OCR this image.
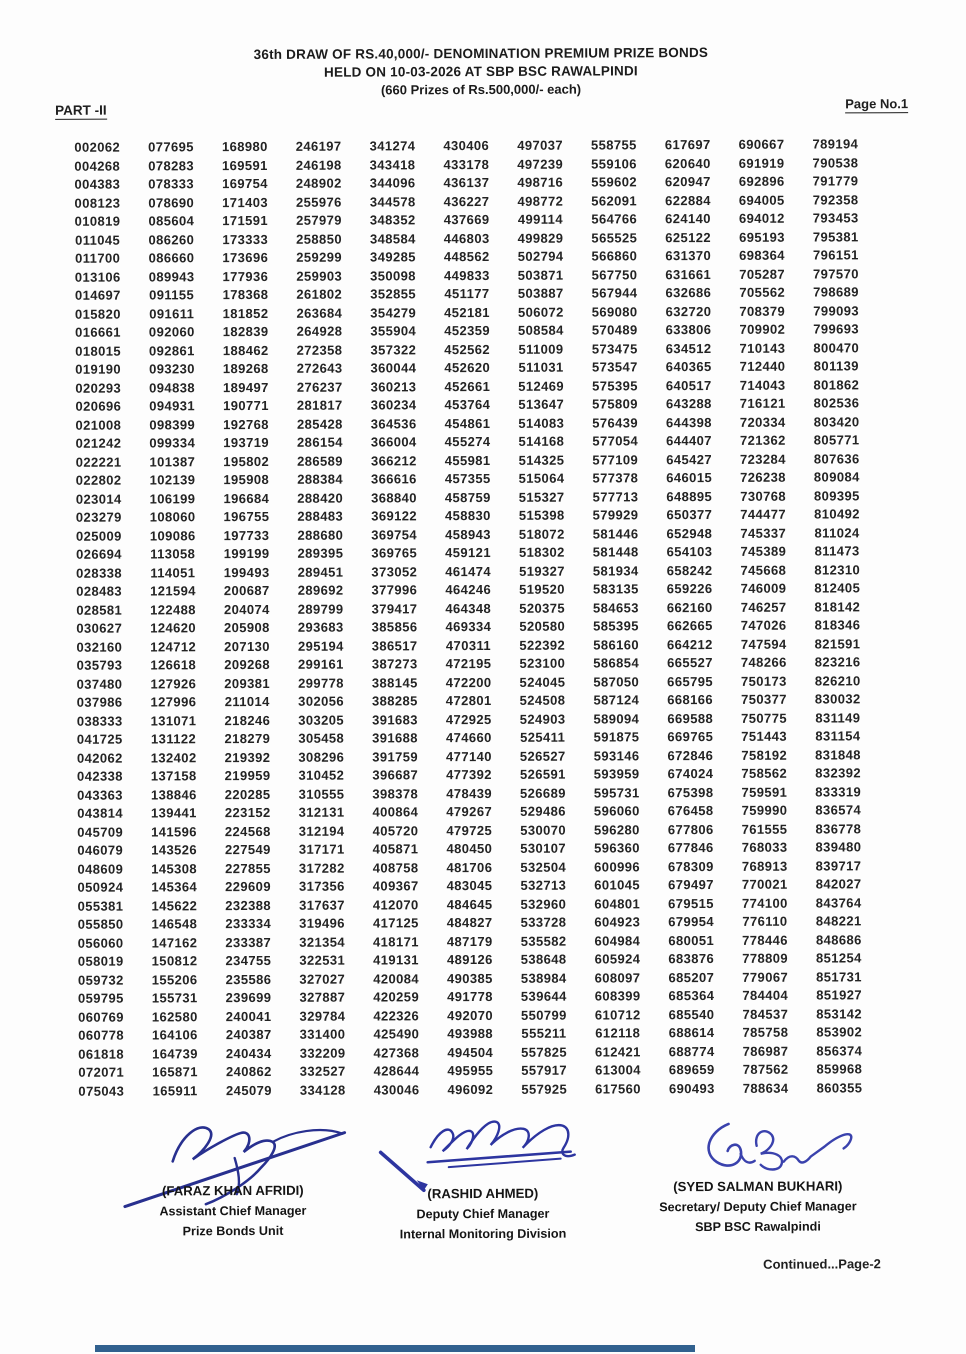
36th DRAW OF RS.40,000/- DENOMINATION PREMIUM PRIZE BONDS
HELD ON 10-03-2026 AT SBP BSC RAWALPINDI
(660 Prizes of Rs.500,000/- each)
PART -II	Page No.1
002062	077695	168980	246197	341274	430406	497037	558755	617697	690667	789194
004268	078283	169591	246198	343418	433178	497239	559106	620640	691919	790538
004383	078333	169754	248902	344096	436137	498716	559602	620947	692896	791779
008123	078690	171403	255976	344578	436227	498772	562091	622884	694005	792358
010819	085604	171591	257979	348352	437669	499114	564766	624140	694012	793453
011045	086260	173333	258850	348584	446803	499829	565525	625122	695193	795381
011700	086660	173696	259299	349285	448562	502794	566860	631370	698364	796151
013106	089943	177936	259903	350098	449833	503871	567750	631661	705287	797570
014697	091155	178368	261802	352855	451177	503887	567944	632686	705562	798689
015820	091611	181852	263684	354279	452181	506072	569080	632720	708379	799093
016661	092060	182839	264928	355904	452359	508584	570489	633806	709902	799693
018015	092861	188462	272358	357322	452562	511009	573475	634512	710143	800470
019190	093230	189268	272643	360044	452620	511031	573547	640365	712440	801139
020293	094838	189497	276237	360213	452661	512469	575395	640517	714043	801862
020696	094931	190771	281817	360234	453764	513647	575809	643288	716121	802536
021008	098399	192768	285428	364536	454861	514083	576439	644398	720334	803420
021242	099334	193719	286154	366004	455274	514168	577054	644407	721362	805771
022221	101387	195802	286589	366212	455981	514325	577109	645427	723284	807636
022802	102139	195908	288384	366616	457355	515064	577378	646015	726238	809084
023014	106199	196684	288420	368840	458759	515327	577713	648895	730768	809395
023279	108060	196755	288483	369122	458830	515398	579929	650377	744477	810492
025009	109086	197733	288680	369754	458943	518072	581446	652948	745337	811024
026694	113058	199199	289395	369765	459121	518302	581448	654103	745389	811473
028338	114051	199493	289451	373052	461474	519327	581934	658242	745668	812310
028483	121594	200687	289692	377996	464246	519520	583135	659226	746009	812405
028581	122488	204074	289799	379417	464348	520375	584653	662160	746257	818142
030627	124620	205908	293683	385856	469334	520580	585395	662665	747026	818346
032160	124712	207130	295194	386517	470311	522392	586160	664212	747594	821591
035793	126618	209268	299161	387273	472195	523100	586854	665527	748266	823216
037480	127926	209381	299778	388145	472200	524045	587050	665795	750173	826210
037986	127996	211014	302056	388285	472801	524508	587124	668166	750377	830032
038333	131071	218246	303205	391683	472925	524903	589094	669588	750775	831149
041725	131122	218279	305458	391688	474660	525411	591875	669765	751443	831154
042062	132402	219392	308296	391759	477140	526527	593146	672846	758192	831848
042338	137158	219959	310452	396687	477392	526591	593959	674024	758562	832392
043363	138846	220285	310555	398378	478439	526689	595731	675398	759591	833319
043814	139441	223152	312131	400864	479267	529486	596060	676458	759990	836574
045709	141596	224568	312194	405720	479725	530070	596280	677806	761555	836778
046079	143526	227549	317171	405871	480450	530107	596360	677846	768033	839480
048609	145308	227855	317282	408758	481706	532504	600996	678309	768913	839717
050924	145364	229609	317356	409367	483045	532713	601045	679497	770021	842027
055381	145622	232388	317637	412070	484645	532960	604801	679515	774100	843764
055850	146548	233334	319496	417125	484827	533728	604923	679954	776110	848221
056060	147162	233387	321354	418171	487179	535582	604984	680051	778446	848686
058019	150812	234755	322531	419131	489126	538648	605924	683876	778809	851254
059732	155206	235586	327027	420084	490385	538984	608097	685207	779067	851731
059795	155731	239699	327887	420259	491778	539644	608399	685364	784404	851927
060769	162580	240041	329784	422326	492070	550799	610712	685540	784537	853142
060778	164106	240387	331400	425490	493988	555211	612118	688614	785758	853902
061818	164739	240434	332209	427368	494504	557825	612421	688774	786987	856374
072071	165871	240862	332527	428644	495955	557917	613004	689659	787562	859968
075043	165911	245079	334128	430046	496092	557925	617560	690493	788634	860355
(FARAZ KHAN AFRIDI)
Assistant Chief Manager
Prize Bonds Unit
(RASHID AHMED)
Deputy Chief Manager
Internal Monitoring Division
(SYED SALMAN BUKHARI)
Secretary/ Deputy Chief Manager
SBP BSC Rawalpindi
Continued...Page-2
